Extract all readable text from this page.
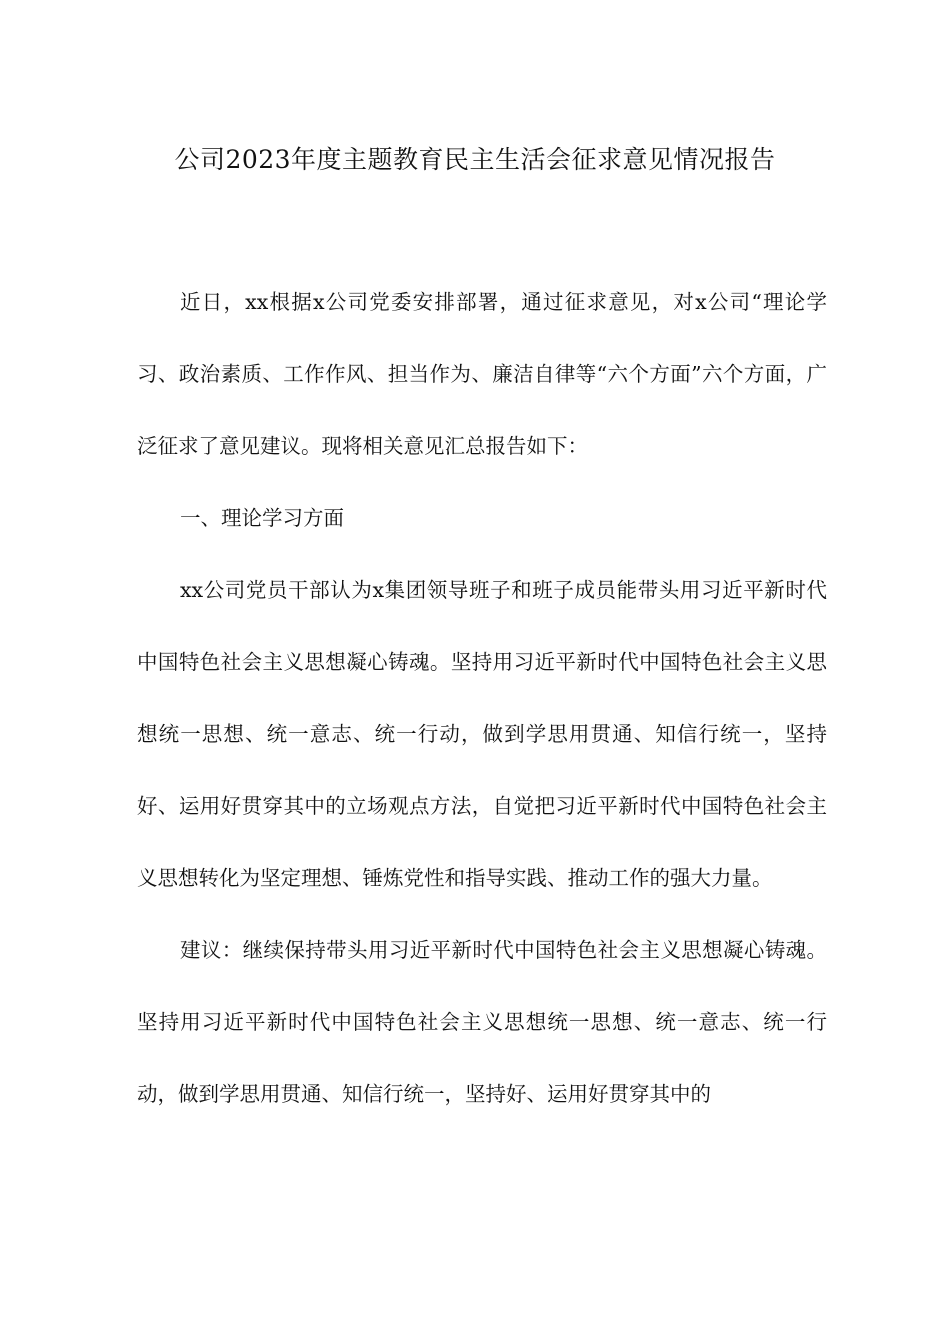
公司2023年度主题教育民主生活会征求意见情况报告

近日，xx根据x公司党委安排部署，通过征求意见，对x公司“理论学习、政治素质、工作作风、担当作为、廉洁自律等“六个方面”六个方面，广泛征求了意见建议。现将相关意见汇总报告如下：

一、理论学习方面

xx公司党员干部认为x集团领导班子和班子成员能带头用习近平新时代中国特色社会主义思想凝心铸魂。坚持用习近平新时代中国特色社会主义思想统一思想、统一意志、统一行动，做到学思用贯通、知信行统一，坚持好、运用好贯穿其中的立场观点方法，自觉把习近平新时代中国特色社会主义思想转化为坚定理想、锤炼党性和指导实践、推动工作的强大力量。

建议：继续保持带头用习近平新时代中国特色社会主义思想凝心铸魂。坚持用习近平新时代中国特色社会主义思想统一思想、统一意志、统一行动，做到学思用贯通、知信行统一，坚持好、运用好贯穿其中的
